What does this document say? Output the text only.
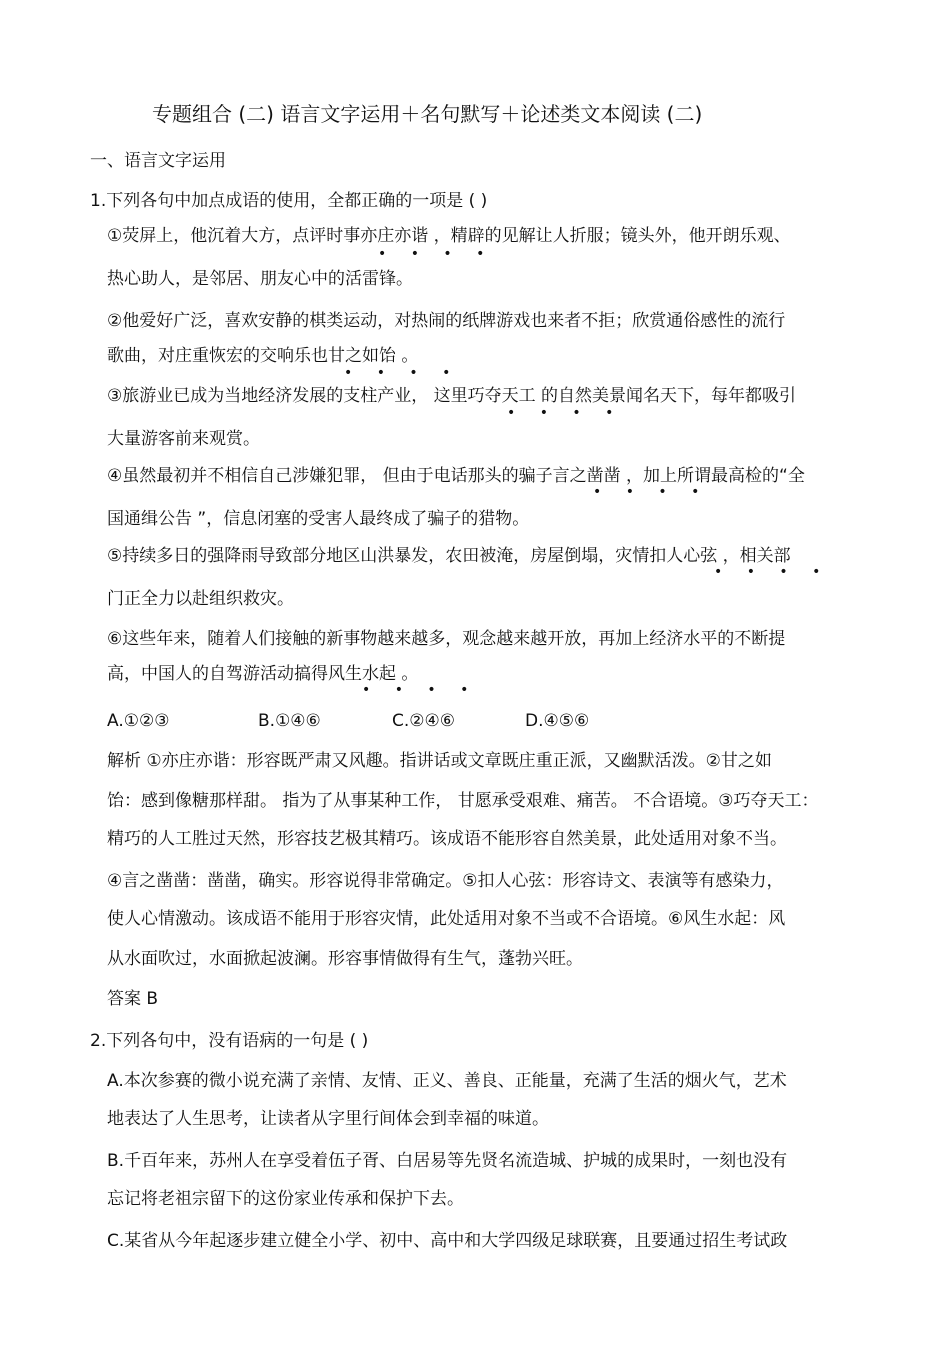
专题组合 (二) 语言文字运用＋名句默写＋论述类文本阅读 (二)
一、语言文字运用
1.下列各句中加点成语的使用，全都正确的一项是 ( )
①荧屏上，他沉着大方，点评时事亦庄亦谐 ，精辟的见解让人折服；镜头外，他开朗乐观、
• • • •
热心助人，是邻居、朋友心中的活雷锋。
②他爱好广泛，喜欢安静的棋类运动，对热闹的纸牌游戏也来者不拒；欣赏通俗感性的流行
歌曲，对庄重恢宏的交响乐也甘之如饴 。
• • • •
③旅游业已成为当地经济发展的支柱产业， 这里巧夺天工 的自然美景闻名天下，每年都吸引
• • • •
大量游客前来观赏。
④虽然最初并不相信自己涉嫌犯罪， 但由于电话那头的骗子言之凿凿 ，加上所谓最高检的“全
• • • •
国通缉公告 ”，信息闭塞的受害人最终成了骗子的猎物。
⑤持续多日的强降雨导致部分地区山洪暴发，农田被淹，房屋倒塌，灾情扣人心弦 ，相关部
• • • •
门正全力以赴组织救灾。
⑥这些年来，随着人们接触的新事物越来越多，观念越来越开放，再加上经济水平的不断提
高，中国人的自驾游活动搞得风生水起 。
• • • •
A.①②③	B.①④⑥	C.②④⑥	D.④⑤⑥
解析 ①亦庄亦谐：形容既严肃又风趣。指讲话或文章既庄重正派，又幽默活泼。②甘之如
饴：感到像糖那样甜。 指为了从事某种工作， 甘愿承受艰难、痛苦。 不合语境。③巧夺天工：
精巧的人工胜过天然，形容技艺极其精巧。该成语不能形容自然美景，此处适用对象不当。
④言之凿凿：凿凿，确实。形容说得非常确定。⑤扣人心弦：形容诗文、表演等有感染力，
使人心情激动。该成语不能用于形容灾情，此处适用对象不当或不合语境。⑥风生水起：风
从水面吹过，水面掀起波澜。形容事情做得有生气，蓬勃兴旺。
答案 B
2.下列各句中，没有语病的一句是 ( )
A.本次参赛的微小说充满了亲情、友情、正义、善良、正能量，充满了生活的烟火气，艺术
地表达了人生思考，让读者从字里行间体会到幸福的味道。
B.千百年来，苏州人在享受着伍子胥、白居易等先贤名流造城、护城的成果时，一刻也没有
忘记将老祖宗留下的这份家业传承和保护下去。
C.某省从今年起逐步建立健全小学、初中、高中和大学四级足球联赛，且要通过招生考试政
